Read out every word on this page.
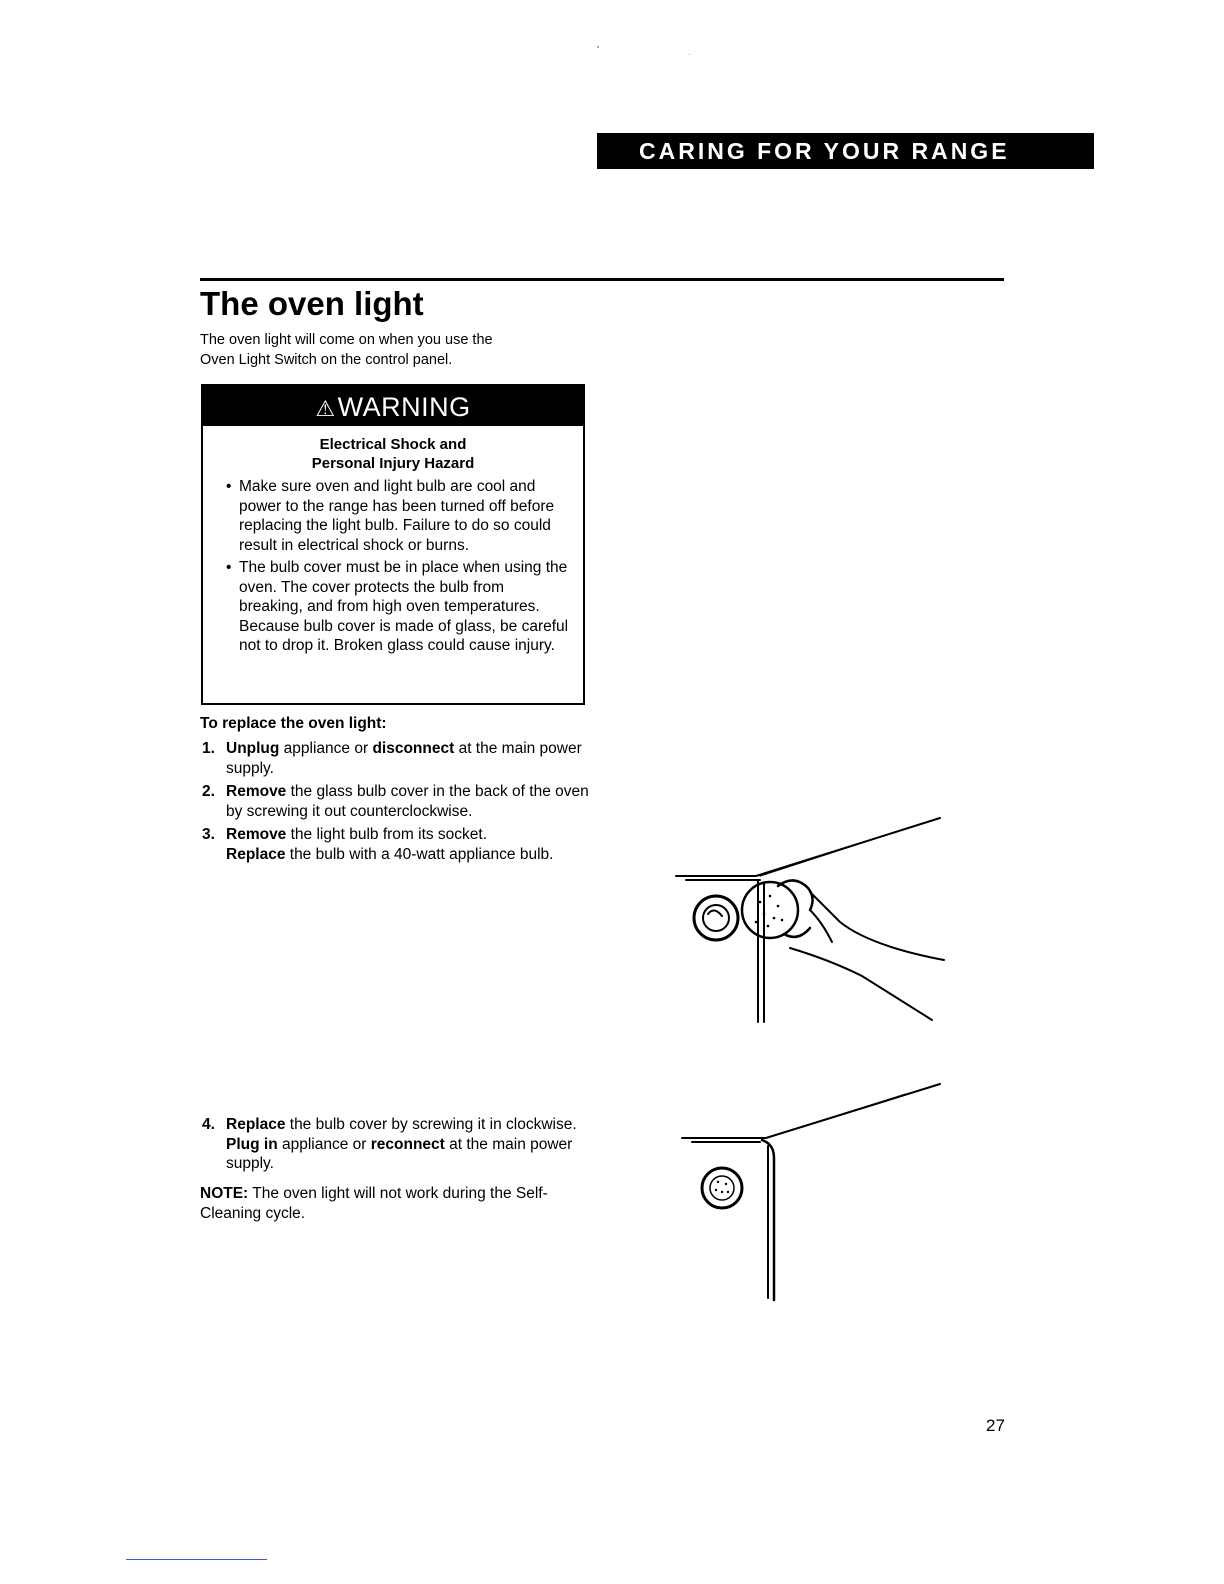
CARING FOR YOUR RANGE
The oven light
The oven light will come on when you use the
Oven Light Switch on the control panel.
⚠WARNING
Electrical Shock and
Personal Injury Hazard
• Make sure oven and light bulb are cool and power to the range has been turned off before replacing the light bulb. Failure to do so could result in electrical shock or burns.
• The bulb cover must be in place when using the oven. The cover protects the bulb from breaking, and from high oven temperatures. Because bulb cover is made of glass, be careful not to drop it. Broken glass could cause injury.
To replace the oven light:
1. Unplug appliance or disconnect at the main power supply.
2. Remove the glass bulb cover in the back of the oven by screwing it out counterclockwise.
3. Remove the light bulb from its socket.
Replace the bulb with a 40-watt appliance bulb.
4. Replace the bulb cover by screwing it in clockwise. Plug in appliance or reconnect at the main power supply.
NOTE: The oven light will not work during the Self-Cleaning cycle.
27
